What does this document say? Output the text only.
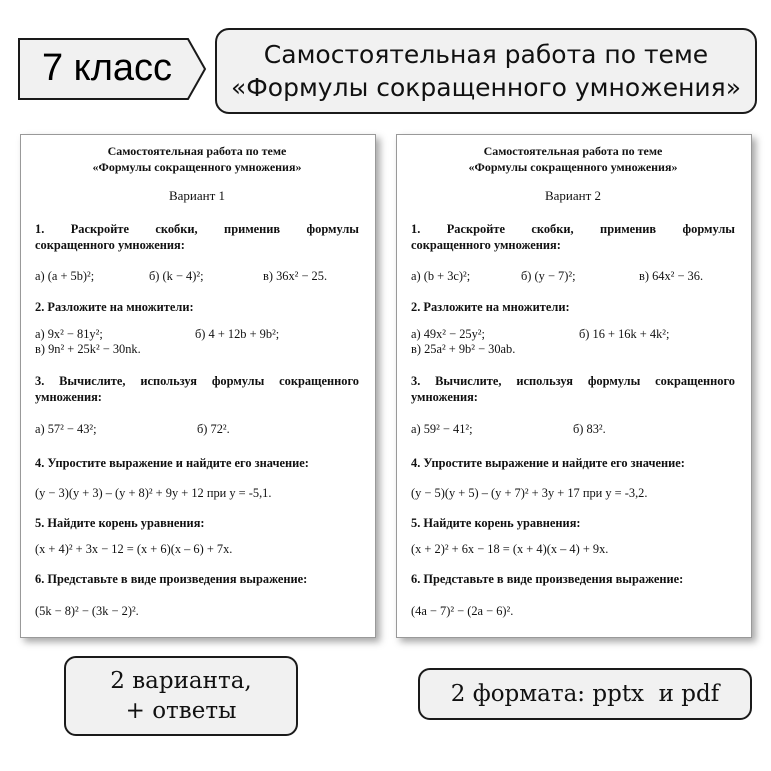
7 класс	Самостоятельная работа по теме
«Формулы сокращенного умножения»
Самостоятельная работа по теме
«Формулы сокращенного умножения»
Вариант 1
1. Раскройте скобки, применив формулы
сокращенного умножения:
а) (a + 5b)²;	б) (k − 4)²;	в) 36x² − 25.
2. Разложите на множители:
а) 9x² − 81y²;	б) 4 + 12b + 9b²;
в) 9n² + 25k² − 30nk.
3. Вычислите, используя формулы сокращенного
умножения:
а) 57² − 43²;	б) 72².
4. Упростите выражение и найдите его значение:
(y − 3)(y + 3) – (y + 8)² + 9y + 12 при y = -5,1.
5. Найдите корень уравнения:
(x + 4)² + 3x − 12 = (x + 6)(x – 6) + 7x.
6. Представьте в виде произведения выражение:
(5k − 8)² − (3k − 2)².
Самостоятельная работа по теме
«Формулы сокращенного умножения»
Вариант 2
1. Раскройте скобки, применив формулы
сокращенного умножения:
а) (b + 3c)²;	б) (y − 7)²;	в) 64x² − 36.
2. Разложите на множители:
а) 49x² − 25y²;	б) 16 + 16k + 4k²;
в) 25a² + 9b² − 30ab.
3. Вычислите, используя формулы сокращенного
умножения:
а) 59² − 41²;	б) 83².
4. Упростите выражение и найдите его значение:
(y − 5)(y + 5) – (y + 7)² + 3y + 17 при y = -3,2.
5. Найдите корень уравнения:
(x + 2)² + 6x − 18 = (x + 4)(x – 4) + 9x.
6. Представьте в виде произведения выражение:
(4a − 7)² − (2a − 6)².
2 варианта,
+ ответы
2 формата: pptx  и pdf
